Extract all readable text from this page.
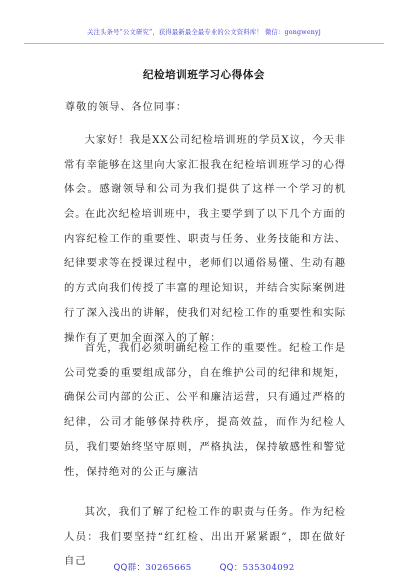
关注头条号“公文研究”，获得最新最全最专业的公文资料库！ 微信：gongwenyj
纪检培训班学习心得体会
尊敬的领导、各位同事：

大家好！我是XX公司纪检培训班的学员X议，今天非常有幸能够在这里向大家汇报我在纪检培训班学习的心得体会。感谢领导和公司为我们提供了这样一个学习的机会。

在此次纪检培训班中，我主要学到了以下几个方面的内容纪检工作的重要性、职责与任务、业务技能和方法、纪律要求等在授课过程中，老师们以通俗易懂、生动有趣的方式向我们传授了丰富的理论知识，并结合实际案例进行了深入浅出的讲解，使我们对纪检工作的重要性和实际操作有了更加全面深入的了解：

首先，我们必须明确纪检工作的重要性。纪检工作是公司党委的重要组成部分，自在维护公司的纪律和规矩，确保公司内部的公正、公平和廉洁运营，只有通过严格的纪律，公司才能够保持秩序，提高效益，而作为纪检人员，我们要始终坚守原则，严格执法，保持敏感性和警觉性，保持绝对的公正与廉洁

其次，我们了解了纪检工作的职责与任务。作为纪检人员：我们要坚持“红红检、出出开紧紧跟”，即在做好自己

QQ群：30265665	QQ：535304092
